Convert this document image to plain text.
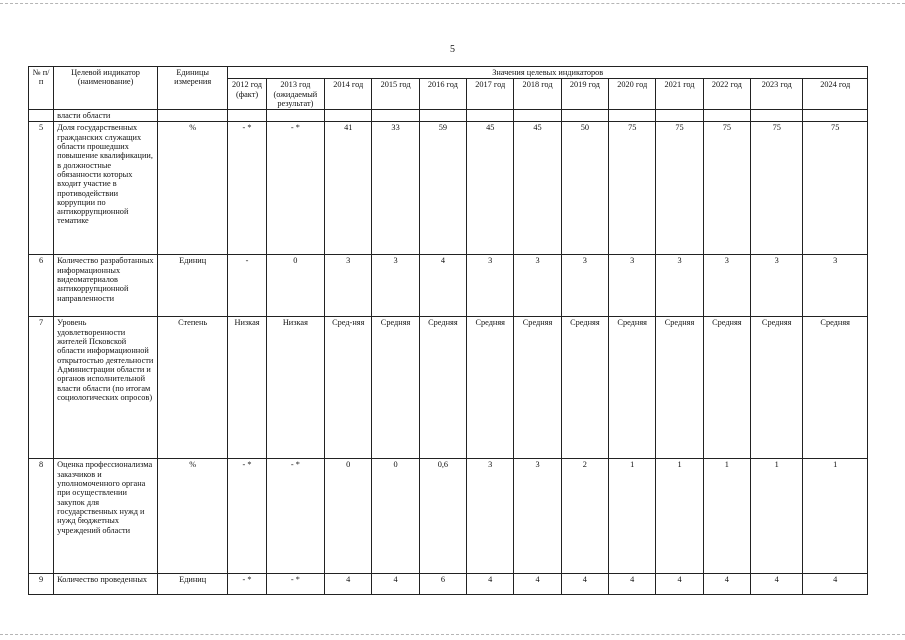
5
№ п/п	Целевой индикатор (наименование)	Единицы измерения	Значения целевых индикаторов												
			2012 год (факт)	2013 год (ожидаемый результат)	2014 год	2015 год	2016 год	2017 год	2018 год	2019 год	2020 год	2021 год	2022 год	2023 год	2024 год
	власти области														
5	Доля государственных гражданских служащих области прошедших повышение квалификации, в должностные обязанности которых входит участие в противодействии коррупции по антикоррупционной тематике	%	- *	- *	41	33	59	45	45	50	75	75	75	75	75
6	Количество разработанных информационных видеоматериалов антикоррупционной направленности	Единиц	-	0	3	3	4	3	3	3	3	3	3	3	3
7	Уровень удовлетворенности жителей Псковской области информационной открытостью деятельности Администрации области и органов исполнительной власти области (по итогам социологических опросов)	Степень	Низкая	Низкая	Сред-няя	Средняя	Средняя	Средняя	Средняя	Средняя	Средняя	Средняя	Средняя	Средняя	Средняя
8	Оценка профессионализма заказчиков и уполномоченного органа при осуществлении закупок для государственных нужд и нужд бюджетных учреждений области	%	- *	- *	0	0	0,6	3	3	2	1	1	1	1	1
9	Количество проведенных	Единиц	- *	- *	4	4	6	4	4	4	4	4	4	4	4
